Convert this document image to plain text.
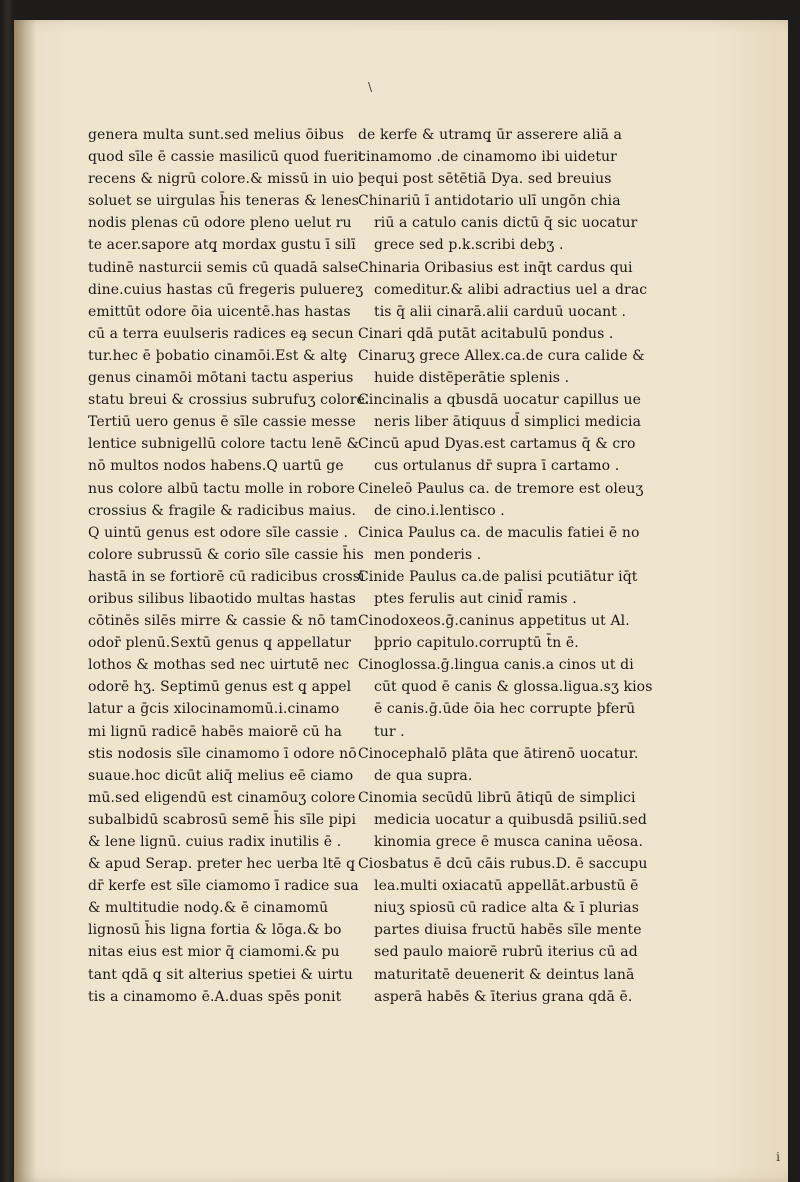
\
i
genera multa sunt.sed melius ōibus
quod sīle ē cassie masilicū quod fuerit
recens & nigrū colore.& missū in uio
soluet se uirgulas h̄is teneras & lenes
nodis plenas cū odore pleno uelut ru
te acer.sapore atq̧ mordax gustu ī silī
tudinē nasturcii semis cū quadā salse
dine.cuius hastas cū fregeris puluereʒ
emittūt odore ōia uicentē.has hastas
cū a terra euulseris radices ea̧̧ secun
tur.hec ē þobatio cinamōi.Est & altȩ̧
genus cinamōi mōtani tactu asperius
statu breui & crossius subrufuʒ colore.
Tertiū uero genus ē sīle cassie messe
lentice subnigellū colore tactu lenē &
nō multos nodos habens.Q uartū ge
nus colore albū tactu molle in robore
crossius & fragile & radicibus maius.
Q uintū genus est odore sīle cassie .
colore subrussū & corio sīle cassie h̄is
hastā in se fortiorē cū radicibus crossī
oribus silibus libaotido multas hastas
cōtinēs silēs mirre & cassie & nō tam
odor̄ plenū.Sextū genus q̧ appellatur
lothos & mothas sed nec uirtutē nec
odorē hʒ. Septimū genus est q̧ appel
latur a ḡcis xilocinamomū.i.cinamo
mi lignū radicē habēs maiorē cū ha
stis nodosis sīle cinamomo ī odore nō
suaue.hoc dicūt aliq̄ melius eē ciamo
mū.sed eligendū est cinamōuʒ colore
subalbidū scabrosū semē h̄is sīle pipi
& lene lignū. cuius radix inutilis ē .
& apud Serap. preter hec uerba ltē q̧
dr̄ kerfe est sīle ciamomo ī radice sua
& multitudie nodo̧̧.& ē cinamomū
lignosū h̄is ligna fortia & lōga.& bo
nitas eius est mior q̄ ciamomi.& pu
tant qdā q̧ sit alterius spetiei & uirtu
tis a cinamomo ē.A.duas spēs ponit
de kerfe & utramq̧ ūr asserere aliā a
cinamomo .de cinamomo ibi uidetur
þequi post sētētiā Dya. sed breuius
Chinariū ī antidotario ulī ungōn chia
riū a catulo canis dictū q̄ sic uocatur
grece sed p.k.scribi debʒ .
Chinaria Oribasius est inq̄t cardus qui
comeditur.& alibi adractius uel a drac
tis q̄ alii cinarā.alii carduū uocant .
Cinari qdā putāt acitabulū pondus .
Cinaruʒ grece Allex.ca.de cura calide &
huide distēperātie splenis .
Cincinalis a qbusdā uocatur capillus ue
neris liber ātiquus d̄ simplici medicia
Cincū apud Dyas.est cartamus q̄ & cro
cus ortulanus dr̄ supra ī cartamo .
Cineleō Paulus ca. de tremore est oleuʒ
de cino.i.lentisco .
Cinica Paulus ca. de maculis fatiei ē no
men ponderis .
Cinide Paulus ca.de palisi pcutiātur iq̄t
ptes ferulis aut cinid̄ ramis .
Cinodoxeos.ḡ.caninus appetitus ut Al.
þprio capitulo.corruptū t̄n ē.
Cinoglossa.ḡ.lingua canis.a cinos ut di
cūt quod ē canis & glossa.ligua.sʒ kios
ē canis.ḡ.ūde ōia hec corrupte þferū
tur .
Cinocephalō plāta que ātirenō uocatur.
de qua supra.
Cinomia secūdū librū ātiqū de simplici
medicia uocatur a quibusdā psiliū.sed
kinomia grece ē musca canina uēosa.
Ciosbatus ē dcū cāis rubus.D. ē saccupu
lea.multi oxiacatū appellāt.arbustū ē
niuʒ spiosū cū radice alta & ī plurias
partes diuisa fructū habēs sīle mente
sed paulo maiorē rubrū iterius cū ad
maturitatē deuenerit & deintus lanā
asperā habēs & īterius grana qdā ē.
